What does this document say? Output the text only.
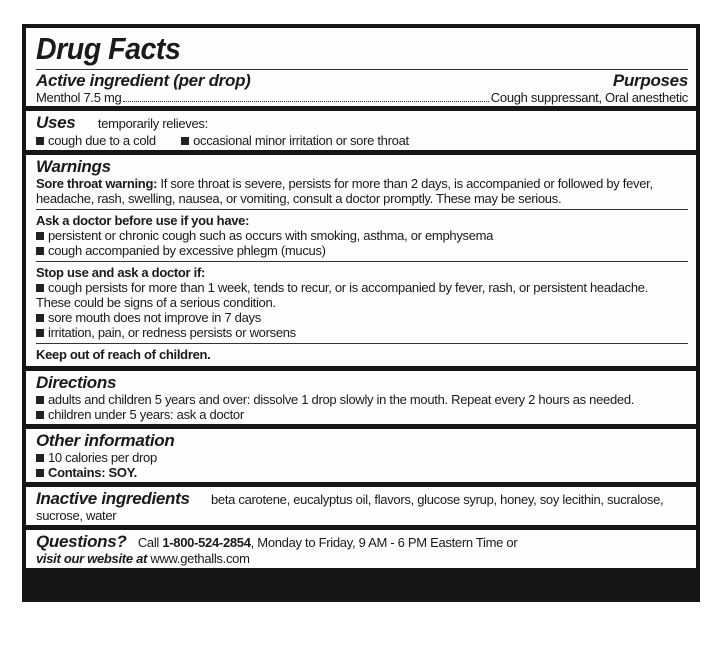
Drug Facts
Active ingredient (per drop)	Purposes
Menthol 7.5 mg	Cough suppressant, Oral anesthetic
Uses temporarily relieves:
cough due to a cold	occasional minor irritation or sore throat
Warnings
Sore throat warning: If sore throat is severe, persists for more than 2 days, is accompanied or followed by fever, headache, rash, swelling, nausea, or vomiting, consult a doctor promptly. These may be serious.
Ask a doctor before use if you have:
persistent or chronic cough such as occurs with smoking, asthma, or emphysema
cough accompanied by excessive phlegm (mucus)
Stop use and ask a doctor if:
cough persists for more than 1 week, tends to recur, or is accompanied by fever, rash, or persistent headache. These could be signs of a serious condition.
sore mouth does not improve in 7 days
irritation, pain, or redness persists or worsens
Keep out of reach of children.
Directions
adults and children 5 years and over: dissolve 1 drop slowly in the mouth. Repeat every 2 hours as needed.
children under 5 years: ask a doctor
Other information
10 calories per drop
Contains: SOY.
Inactive ingredients beta carotene, eucalyptus oil, flavors, glucose syrup, honey, soy lecithin, sucralose, sucrose, water
Questions? Call 1-800-524-2854, Monday to Friday, 9 AM - 6 PM Eastern Time or
visit our website at www.gethalls.com
